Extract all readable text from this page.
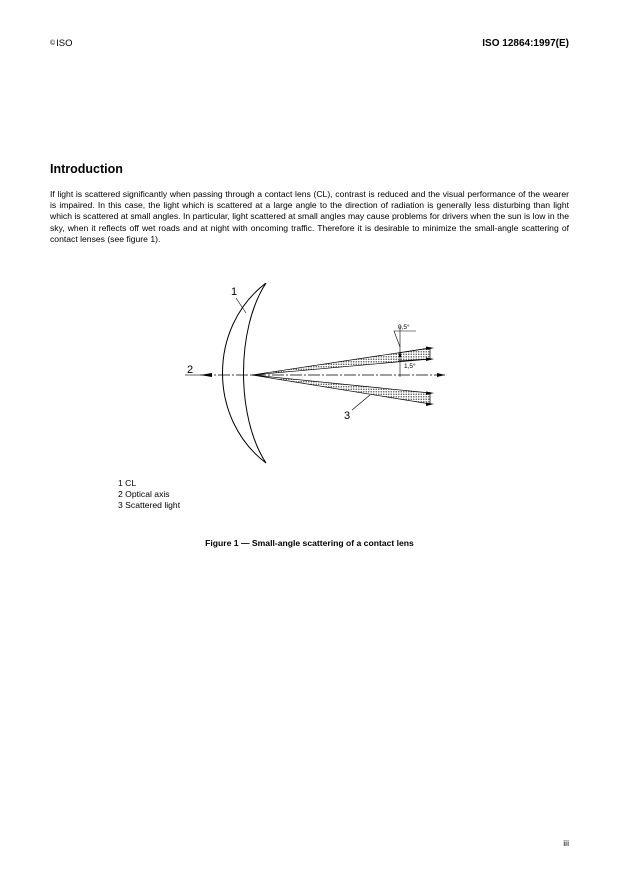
©ISO	ISO 12864:1997(E)
Introduction

If light is scattered significantly when passing through a contact lens (CL), contrast is reduced and the visual performance of the wearer is impaired. In this case, the light which is scattered at a large angle to the direction of radiation is generally less disturbing than light which is scattered at small angles. In particular, light scattered at small angles may cause problems for drivers when the sun is low in the sky, when it reflects off wet roads and at night with oncoming traffic. Therefore it is desirable to minimize the small-angle scattering of contact lenses (see figure 1).

0,5°
1,5°
1
2
3
1 CL
2 Optical axis
3 Scattered light
Figure 1 — Small-angle scattering of a contact lens
iii
